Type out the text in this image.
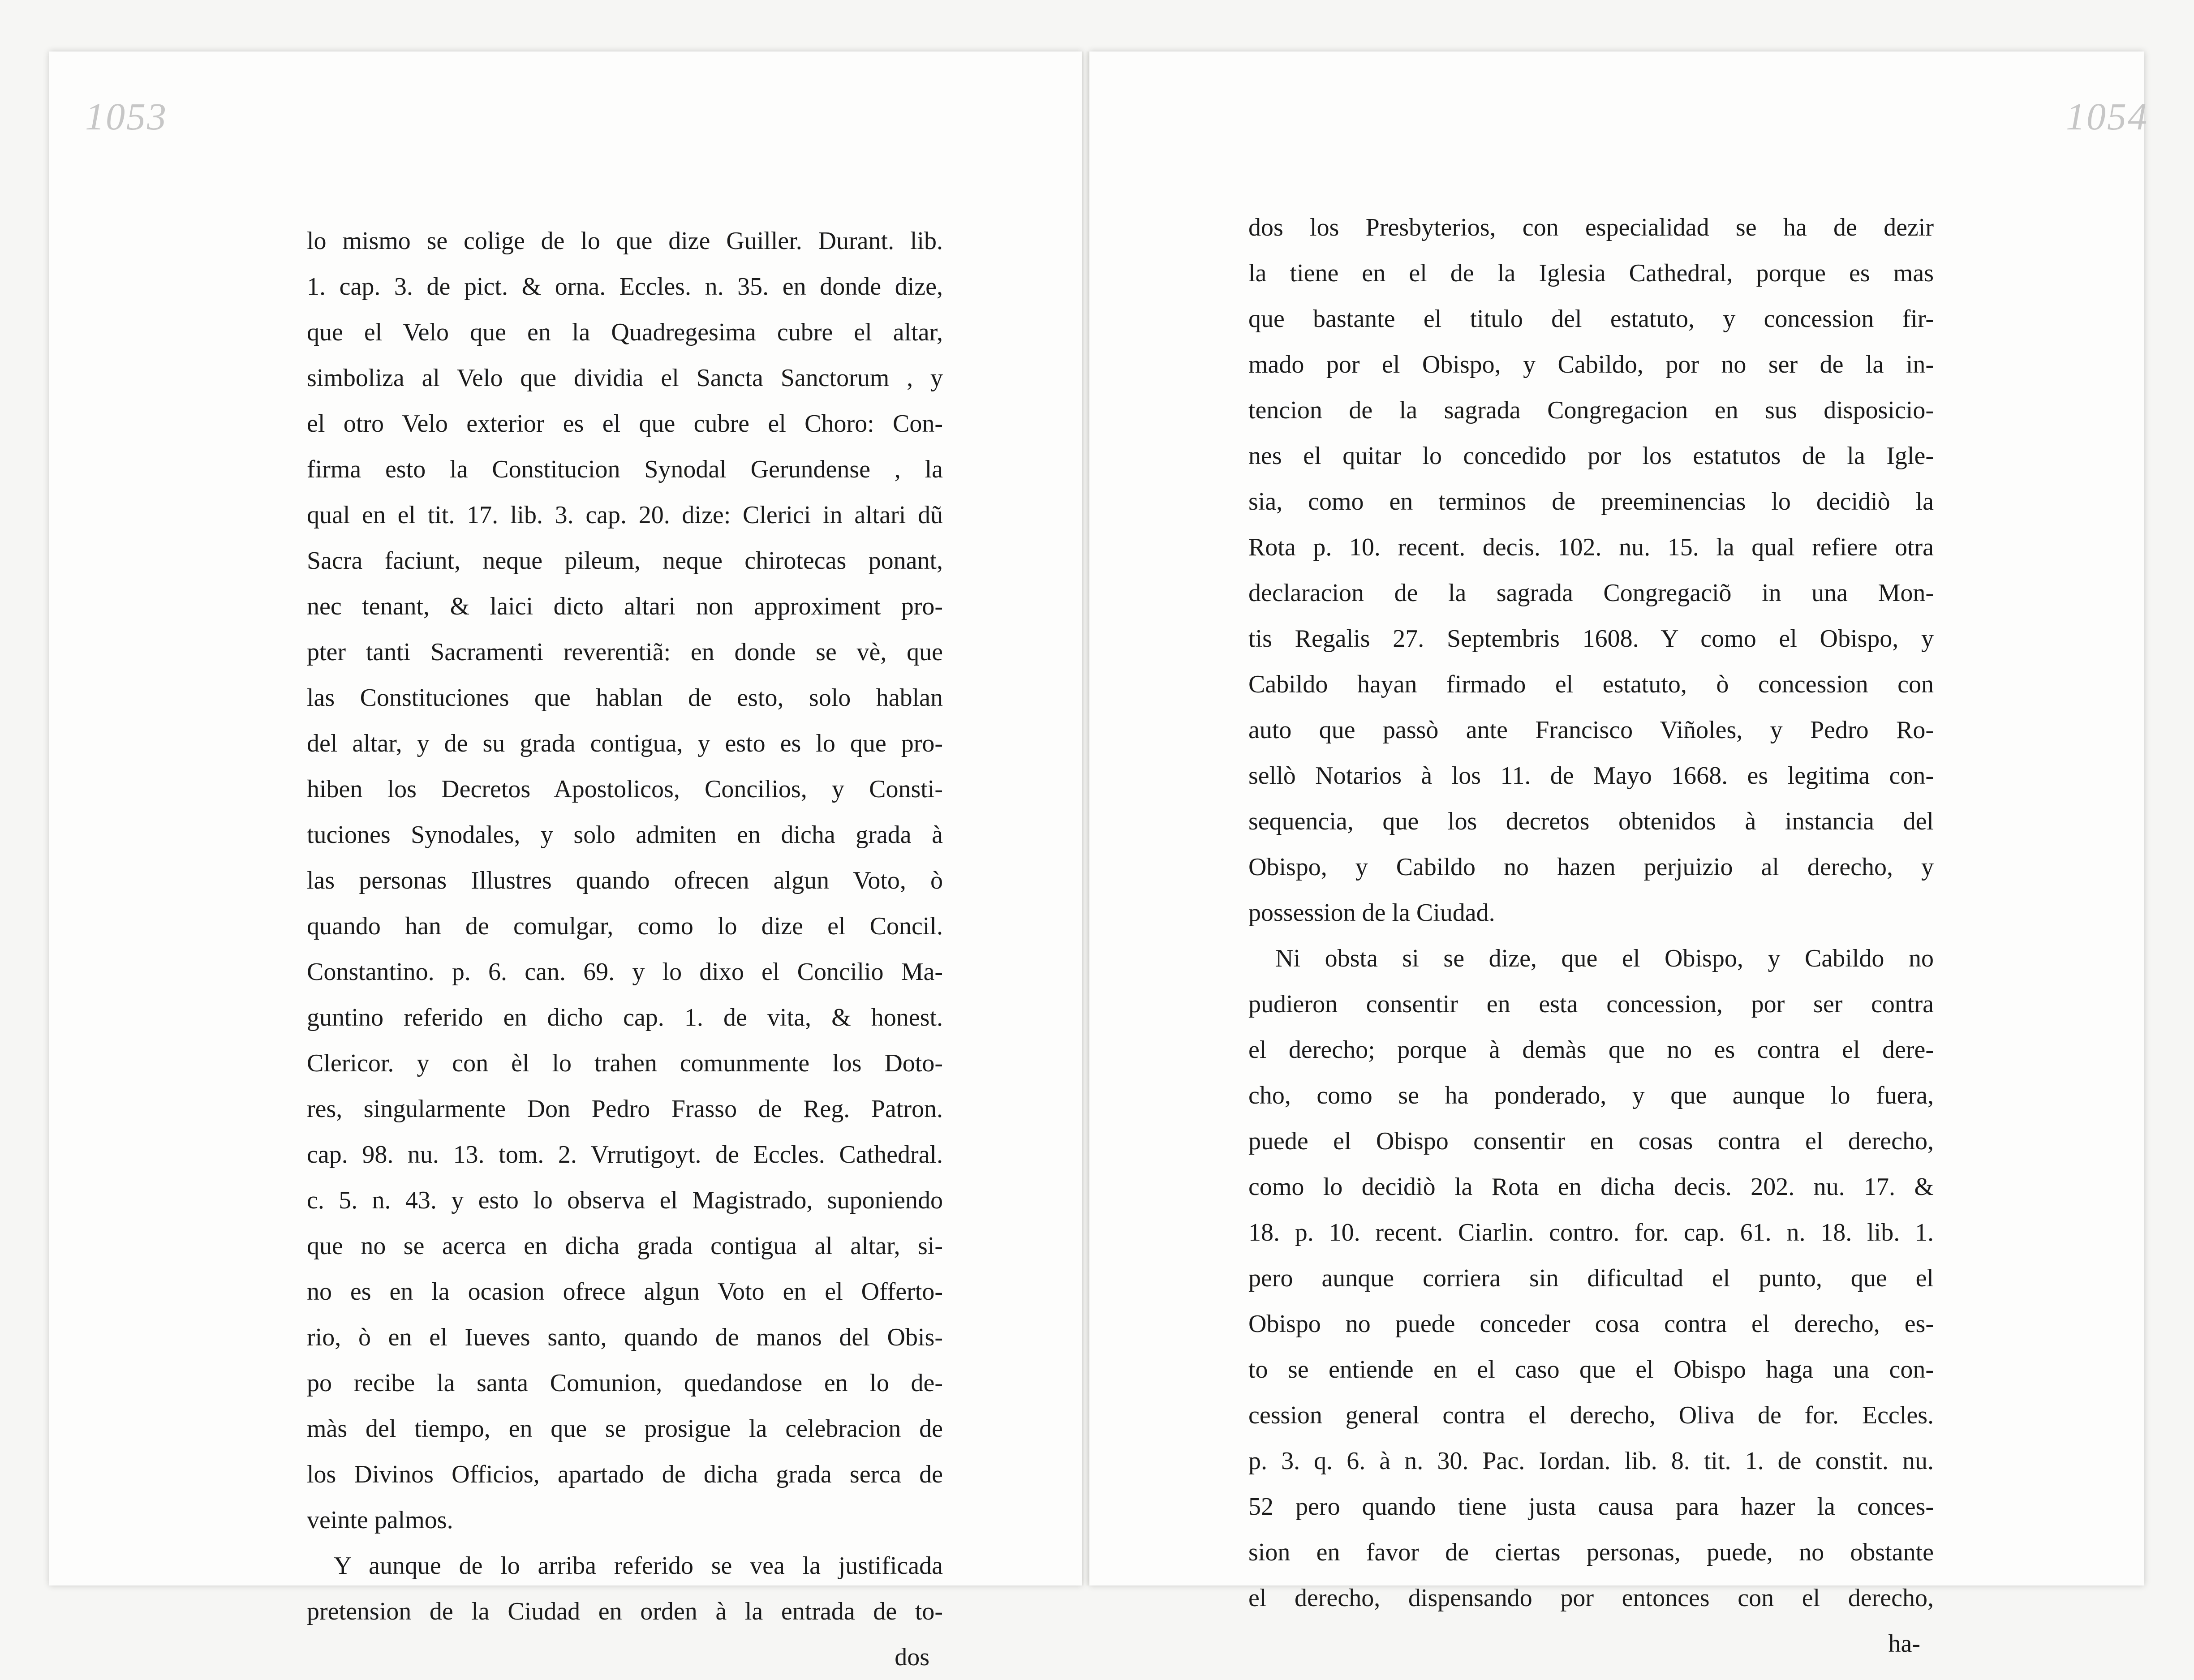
1053
lo mismo se colige de lo que dize Guiller. Durant. lib.
1. cap. 3. de pict. & orna. Eccles. n. 35. en donde dize,
que el Velo que en la Quadregesima cubre el altar,
simboliza al Velo que dividia el Sancta Sanctorum , y
el otro Velo exterior es el que cubre el Choro: Con-
firma esto la Constitucion Synodal Gerundense , la
qual en el tit. 17. lib. 3. cap. 20. dize: Clerici in altari dũ
Sacra faciunt, neque pileum, neque chirotecas ponant,
nec tenant, & laici dicto altari non approximent pro-
pter tanti Sacramenti reverentiã: en donde se vè, que
las Constituciones que hablan de esto, solo hablan
del altar, y de su grada contigua, y esto es lo que pro-
hiben los Decretos Apostolicos, Concilios, y Consti-
tuciones Synodales, y solo admiten en dicha grada à
las personas Illustres quando ofrecen algun Voto, ò
quando han de comulgar, como lo dize el Concil.
Constantino. p. 6. can. 69. y lo dixo el Concilio Ma-
guntino referido en dicho cap. 1. de vita, & honest.
Clericor. y con èl lo trahen comunmente los Doto-
res, singularmente Don Pedro Frasso de Reg. Patron.
cap. 98. nu. 13. tom. 2. Vrrutigoyt. de Eccles. Cathedral.
c. 5. n. 43. y esto lo observa el Magistrado, suponiendo
que no se acerca en dicha grada contigua al altar, si-
no es en la ocasion ofrece algun Voto en el Offerto-
rio, ò en el Iueves santo, quando de manos del Obis-
po recibe la santa Comunion, quedandose en lo de-
màs del tiempo, en que se prosigue la celebracion de
los Divinos Officios, apartado de dicha grada serca de
veinte palmos.
Y aunque de lo arriba referido se vea la justificada
pretension de la Ciudad en orden à la entrada de to-
dos
1054
dos los Presbyterios, con especialidad se ha de dezir
la tiene en el de la Iglesia Cathedral, porque es mas
que bastante el titulo del estatuto, y concession fir-
mado por el Obispo, y Cabildo, por no ser de la in-
tencion de la sagrada Congregacion en sus disposicio-
nes el quitar lo concedido por los estatutos de la Igle-
sia, como en terminos de preeminencias lo decidiò la
Rota p. 10. recent. decis. 102. nu. 15. la qual refiere otra
declaracion de la sagrada Congregaciõ in una Mon-
tis Regalis 27. Septembris 1608. Y como el Obispo, y
Cabildo hayan firmado el estatuto, ò concession con
auto que passò ante Francisco Viñoles, y Pedro Ro-
sellò Notarios à los 11. de Mayo 1668. es legitima con-
sequencia, que los decretos obtenidos à instancia del
Obispo, y Cabildo no hazen perjuizio al derecho, y
possession de la Ciudad.
Ni obsta si se dize, que el Obispo, y Cabildo no
pudieron consentir en esta concession, por ser contra
el derecho; porque à demàs que no es contra el dere-
cho, como se ha ponderado, y que aunque lo fuera,
puede el Obispo consentir en cosas contra el derecho,
como lo decidiò la Rota en dicha decis. 202. nu. 17. &
18. p. 10. recent. Ciarlin. contro. for. cap. 61. n. 18. lib. 1.
pero aunque corriera sin dificultad el punto, que el
Obispo no puede conceder cosa contra el derecho, es-
to se entiende en el caso que el Obispo haga una con-
cession general contra el derecho, Oliva de for. Eccles.
p. 3. q. 6. à n. 30. Pac. Iordan. lib. 8. tit. 1. de constit. nu.
52 pero quando tiene justa causa para hazer la conces-
sion en favor de ciertas personas, puede, no obstante
el derecho, dispensando por entonces con el derecho,
ha-
